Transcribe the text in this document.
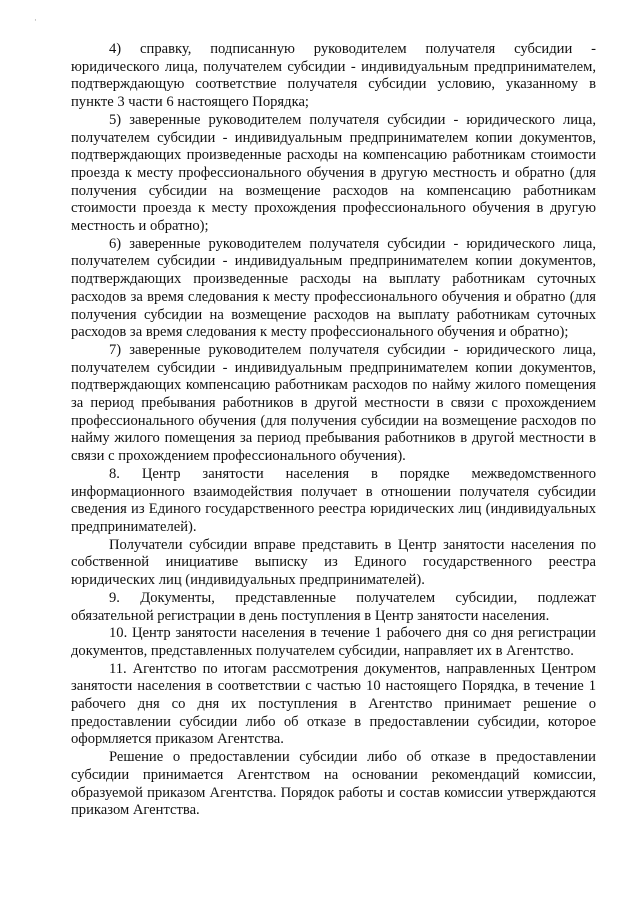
·

4) справку, подписанную руководителем получателя субсидии - юридического лица, получателем субсидии - индивидуальным предпринимателем, подтверждающую соответствие получателя субсидии условию, указанному в пункте 3 части 6 настоящего Порядка;

5) заверенные руководителем получателя субсидии - юридического лица, получателем субсидии - индивидуальным предпринимателем копии документов, подтверждающих произведенные расходы на компенсацию работникам стоимости проезда к месту профессионального обучения в другую местность и обратно (для получения субсидии на возмещение расходов на компенсацию работникам стоимости проезда к месту прохождения профессионального обучения в другую местность и обратно);

6) заверенные руководителем получателя субсидии - юридического лица, получателем субсидии - индивидуальным предпринимателем копии документов, подтверждающих произведенные расходы на выплату работникам суточных расходов за время следования к месту профессионального обучения и обратно (для получения субсидии на возмещение расходов на выплату работникам суточных расходов за время следования к месту профессионального обучения и обратно);

7) заверенные руководителем получателя субсидии - юридического лица, получателем субсидии - индивидуальным предпринимателем копии документов, подтверждающих компенсацию работникам расходов по найму жилого помещения за период пребывания работников в другой местности в связи с прохождением профессионального обучения (для получения субсидии на возмещение расходов по найму жилого помещения за период пребывания работников в другой местности в связи с прохождением профессионального обучения).

8. Центр занятости населения в порядке межведомственного информационного взаимодействия получает в отношении получателя субсидии сведения из Единого государственного реестра юридических лиц (индивидуальных предпринимателей).

Получатели субсидии вправе представить в Центр занятости населения по собственной инициативе выписку из Единого государственного реестра юридических лиц (индивидуальных предпринимателей).

9. Документы, представленные получателем субсидии, подлежат обязательной регистрации в день поступления в Центр занятости населения.

10. Центр занятости населения в течение 1 рабочего дня со дня регистрации документов, представленных получателем субсидии, направляет их в Агентство.

11. Агентство по итогам рассмотрения документов, направленных Центром занятости населения в соответствии с частью 10 настоящего Порядка, в течение 1 рабочего дня со дня их поступления в Агентство принимает решение о предоставлении субсидии либо об отказе в предоставлении субсидии, которое оформляется приказом Агентства.

Решение о предоставлении субсидии либо об отказе в предоставлении субсидии принимается Агентством на основании рекомендаций комиссии, образуемой приказом Агентства. Порядок работы и состав комиссии утверждаются приказом Агентства.
